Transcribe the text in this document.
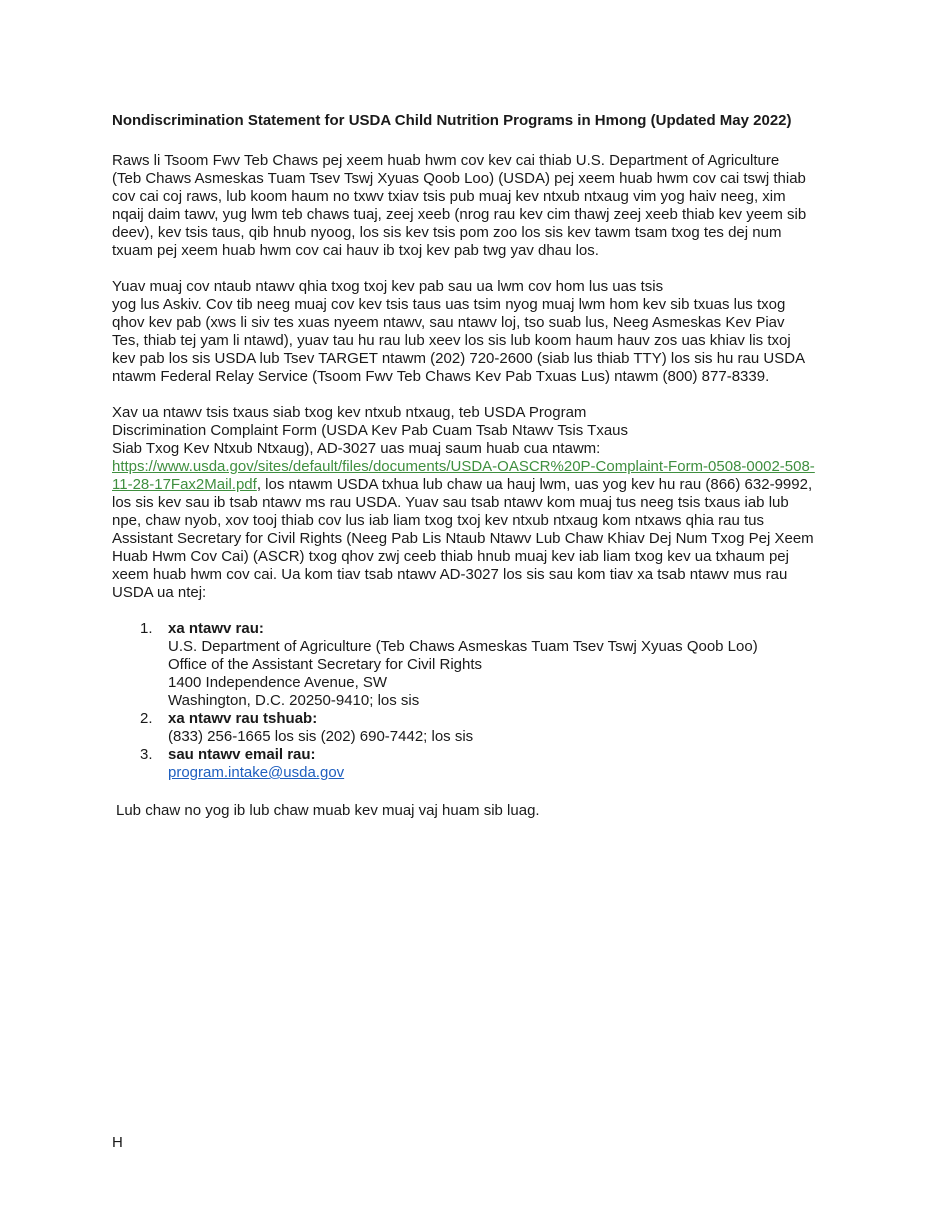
Nondiscrimination Statement for USDA Child Nutrition Programs in Hmong (Updated May 2022)

Raws li Tsoom Fwv Teb Chaws pej xeem huab hwm cov kev cai thiab U.S. Department of Agriculture
(Teb Chaws Asmeskas Tuam Tsev Tswj Xyuas Qoob Loo) (USDA) pej xeem huab hwm cov cai tswj thiab
cov cai coj raws, lub koom haum no txwv txiav tsis pub muaj kev ntxub ntxaug vim yog haiv neeg, xim
nqaij daim tawv, yug lwm teb chaws tuaj, zeej xeeb (nrog rau kev cim thawj zeej xeeb thiab kev yeem sib
deev), kev tsis taus, qib hnub nyoog, los sis kev tsis pom zoo los sis kev tawm tsam txog tes dej num
txuam pej xeem huab hwm cov cai hauv ib txoj kev pab twg yav dhau los.

Yuav muaj cov ntaub ntawv qhia txog txoj kev pab sau ua lwm cov hom lus uas tsis
yog lus Askiv. Cov tib neeg muaj cov kev tsis taus uas tsim nyog muaj lwm hom kev sib txuas lus txog
qhov kev pab (xws li siv tes xuas nyeem ntawv, sau ntawv loj, tso suab lus, Neeg Asmeskas Kev Piav
Tes, thiab tej yam li ntawd), yuav tau hu rau lub xeev los sis lub koom haum hauv zos uas khiav lis txoj
kev pab los sis USDA lub Tsev TARGET ntawm (202) 720-2600 (siab lus thiab TTY) los sis hu rau USDA
ntawm Federal Relay Service (Tsoom Fwv Teb Chaws Kev Pab Txuas Lus) ntawm (800) 877-8339.

Xav ua ntawv tsis txaus siab txog kev ntxub ntxaug, teb USDA Program
Discrimination Complaint Form (USDA Kev Pab Cuam Tsab Ntawv Tsis Txaus
Siab Txog Kev Ntxub Ntxaug), AD-3027 uas muaj saum huab cua ntawm:
https://www.usda.gov/sites/default/files/documents/USDA-OASCR%20P-Complaint-Form-0508-0002-508-
11-28-17Fax2Mail.pdf, los ntawm USDA txhua lub chaw ua hauj lwm, uas yog kev hu rau (866) 632-9992,
los sis kev sau ib tsab ntawv ms rau USDA. Yuav sau tsab ntawv kom muaj tus neeg tsis txaus iab lub
npe, chaw nyob, xov tooj thiab cov lus iab liam txog txoj kev ntxub ntxaug kom ntxaws qhia rau tus
Assistant Secretary for Civil Rights (Neeg Pab Lis Ntaub Ntawv Lub Chaw Khiav Dej Num Txog Pej Xeem
Huab Hwm Cov Cai) (ASCR) txog qhov zwj ceeb thiab hnub muaj kev iab liam txog kev ua txhaum pej
xeem huab hwm cov cai. Ua kom tiav tsab ntawv AD-3027 los sis sau kom tiav xa tsab ntawv mus rau
USDA ua ntej:

1. xa ntawv rau:
U.S. Department of Agriculture (Teb Chaws Asmeskas Tuam Tsev Tswj Xyuas Qoob Loo)
Office of the Assistant Secretary for Civil Rights
1400 Independence Avenue, SW
Washington, D.C. 20250-9410; los sis
2. xa ntawv rau tshuab:
(833) 256-1665 los sis (202) 690-7442; los sis
3. sau ntawv email rau:
program.intake@usda.gov
Lub chaw no yog ib lub chaw muab kev muaj vaj huam sib luag.
H
